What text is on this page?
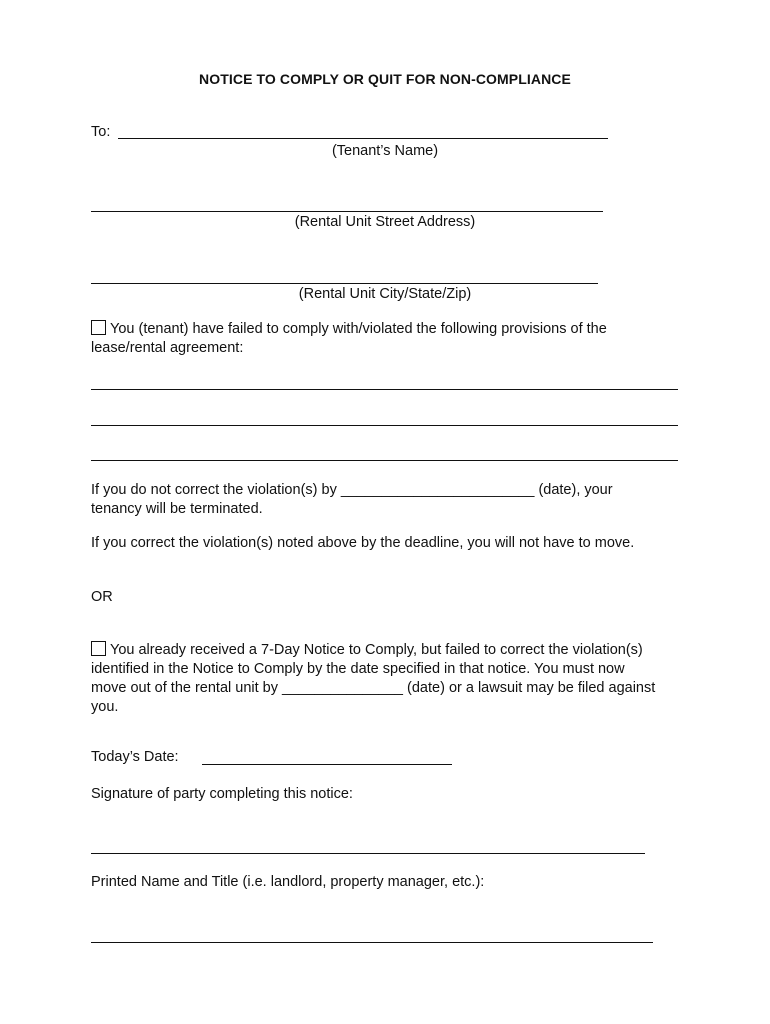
NOTICE TO COMPLY OR QUIT FOR NON-COMPLIANCE
To:
(Tenant’s Name)
(Rental Unit Street Address)
(Rental Unit City/State/Zip)
You (tenant) have failed to comply with/violated the following provisions of the
lease/rental agreement:
If you do not correct the violation(s) by ________________________ (date), your
tenancy will be terminated.
If you correct the violation(s) noted above by the deadline, you will not have to move.
OR
You already received a 7-Day Notice to Comply, but failed to correct the violation(s)
identified in the Notice to Comply by the date specified in that notice. You must now
move out of the rental unit by _______________ (date) or a lawsuit may be filed against
you.
Today’s Date:
Signature of party completing this notice:
Printed Name and Title (i.e. landlord, property manager, etc.):
